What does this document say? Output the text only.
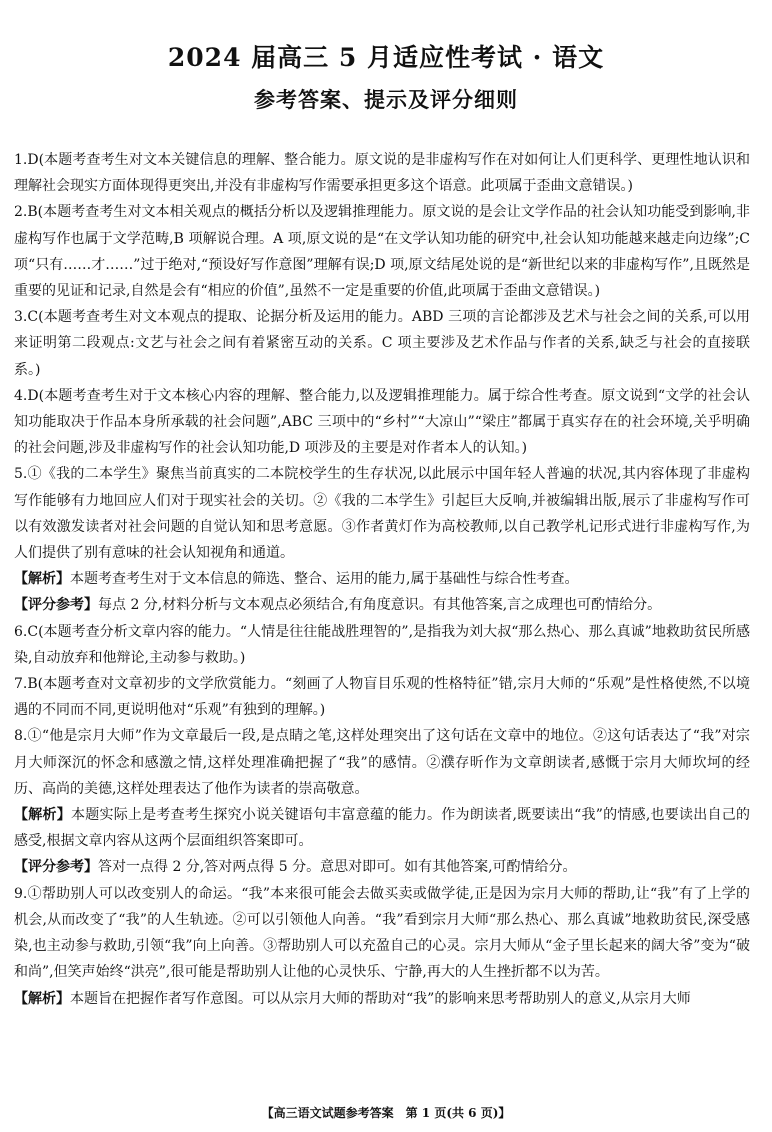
2024 届高三 5 月适应性考试 · 语文
参考答案、提示及评分细则

1.D(本题考查考生对文本关键信息的理解、整合能力。原文说的是非虚构写作在对如何让人们更科学、更理性地认识和理解社会现实方面体现得更突出,并没有非虚构写作需要承担更多这个语意。此项属于歪曲文意错误。)

2.B(本题考查考生对文本相关观点的概括分析以及逻辑推理能力。原文说的是会让文学作品的社会认知功能受到影响,非虚构写作也属于文学范畴,B 项解说合理。A 项,原文说的是“在文学认知功能的研究中,社会认知功能越来越走向边缘”;C 项“只有……才……”过于绝对,“预设好写作意图”理解有误;D 项,原文结尾处说的是“新世纪以来的非虚构写作”,且既然是重要的见证和记录,自然是会有“相应的价值”,虽然不一定是重要的价值,此项属于歪曲文意错误。)

3.C(本题考查考生对文本观点的提取、论据分析及运用的能力。ABD 三项的言论都涉及艺术与社会之间的关系,可以用来证明第二段观点:文艺与社会之间有着紧密互动的关系。C 项主要涉及艺术作品与作者的关系,缺乏与社会的直接联系。)

4.D(本题考查考生对于文本核心内容的理解、整合能力,以及逻辑推理能力。属于综合性考查。原文说到“文学的社会认知功能取决于作品本身所承载的社会问题”,ABC 三项中的“乡村”“大凉山”“梁庄”都属于真实存在的社会环境,关乎明确的社会问题,涉及非虚构写作的社会认知功能,D 项涉及的主要是对作者本人的认知。)

5.①《我的二本学生》聚焦当前真实的二本院校学生的生存状况,以此展示中国年轻人普遍的状况,其内容体现了非虚构写作能够有力地回应人们对于现实社会的关切。②《我的二本学生》引起巨大反响,并被编辑出版,展示了非虚构写作可以有效激发读者对社会问题的自觉认知和思考意愿。③作者黄灯作为高校教师,以自己教学札记形式进行非虚构写作,为人们提供了别有意味的社会认知视角和通道。

【解析】本题考查考生对于文本信息的筛选、整合、运用的能力,属于基础性与综合性考查。

【评分参考】每点 2 分,材料分析与文本观点必须结合,有角度意识。有其他答案,言之成理也可酌情给分。

6.C(本题考查分析文章内容的能力。“人情是往往能战胜理智的”,是指我为刘大叔“那么热心、那么真诚”地救助贫民所感染,自动放弃和他辩论,主动参与救助。)

7.B(本题考查对文章初步的文学欣赏能力。“刻画了人物盲目乐观的性格特征”错,宗月大师的“乐观”是性格使然,不以境遇的不同而不同,更说明他对“乐观”有独到的理解。)

8.①“他是宗月大师”作为文章最后一段,是点睛之笔,这样处理突出了这句话在文章中的地位。②这句话表达了“我”对宗月大师深沉的怀念和感激之情,这样处理准确把握了“我”的感情。②濮存昕作为文章朗读者,感慨于宗月大师坎坷的经历、高尚的美德,这样处理表达了他作为读者的崇高敬意。

【解析】本题实际上是考查考生探究小说关键语句丰富意蕴的能力。作为朗读者,既要读出“我”的情感,也要读出自己的感受,根据文章内容从这两个层面组织答案即可。

【评分参考】答对一点得 2 分,答对两点得 5 分。意思对即可。如有其他答案,可酌情给分。

9.①帮助别人可以改变别人的命运。“我”本来很可能会去做买卖或做学徒,正是因为宗月大师的帮助,让“我”有了上学的机会,从而改变了“我”的人生轨迹。②可以引领他人向善。“我”看到宗月大师“那么热心、那么真诚”地救助贫民,深受感染,也主动参与救助,引领“我”向上向善。③帮助别人可以充盈自己的心灵。宗月大师从“金子里长起来的阔大爷”变为“破和尚”,但笑声始终“洪亮”,很可能是帮助别人让他的心灵快乐、宁静,再大的人生挫折都不以为苦。

【解析】本题旨在把握作者写作意图。可以从宗月大师的帮助对“我”的影响来思考帮助别人的意义,从宗月大师

【高三语文试题参考答案　第 1 页(共 6 页)】
